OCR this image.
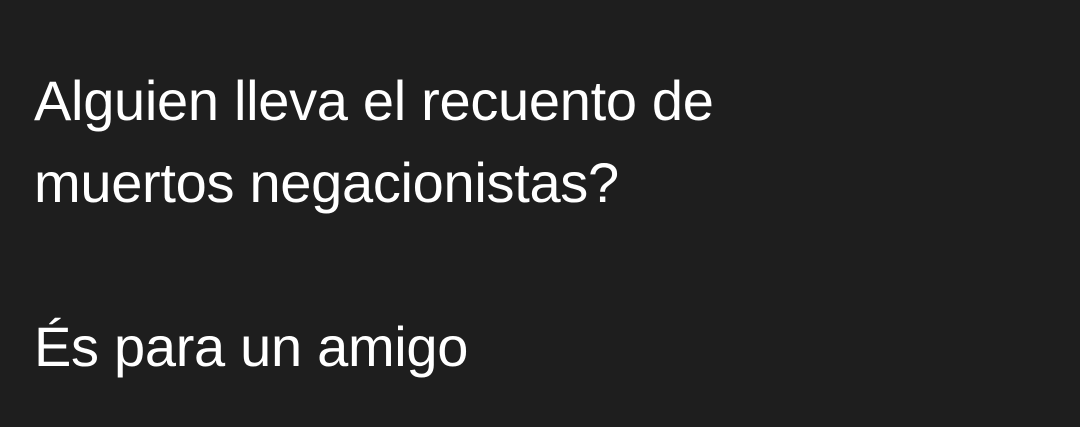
Alguien lleva el recuento de
muertos negacionistas?
És para un amigo
